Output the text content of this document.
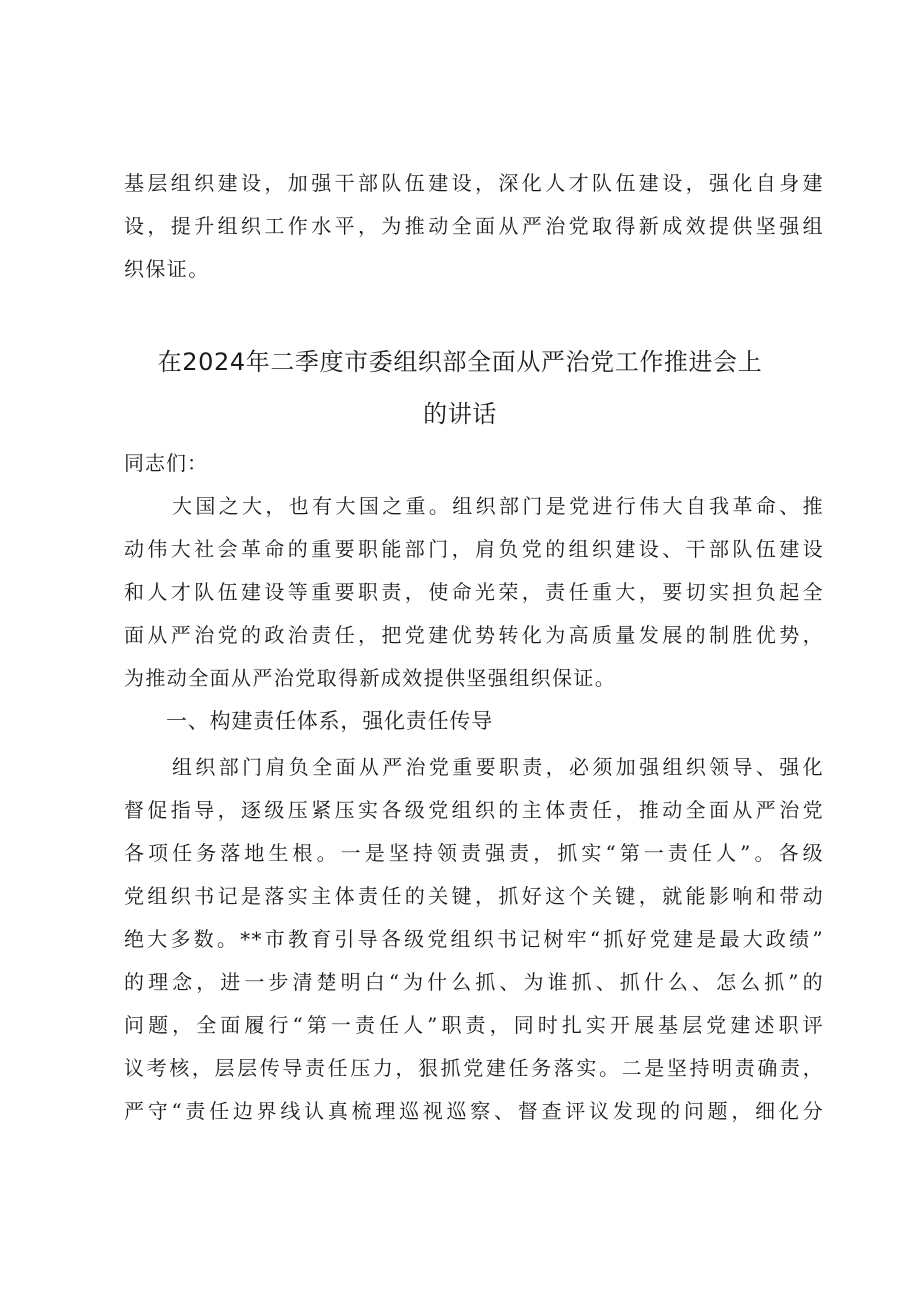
基层组织建设，加强干部队伍建设，深化人才队伍建设，强化自身建
设，提升组织工作水平，为推动全面从严治党取得新成效提供坚强组
织保证。
在2024年二季度市委组织部全面从严治党工作推进会上
的讲话
同志们：
大国之大，也有大国之重。组织部门是党进行伟大自我革命、推
动伟大社会革命的重要职能部门，肩负党的组织建设、干部队伍建设
和人才队伍建设等重要职责，使命光荣，责任重大，要切实担负起全
面从严治党的政治责任，把党建优势转化为高质量发展的制胜优势，
为推动全面从严治党取得新成效提供坚强组织保证。
一、构建责任体系，强化责任传导
组织部门肩负全面从严治党重要职责，必须加强组织领导、强化
督促指导，逐级压紧压实各级党组织的主体责任，推动全面从严治党
各项任务落地生根。一是坚持领责强责，抓实“第一责任人”。各级
党组织书记是落实主体责任的关键，抓好这个关键，就能影响和带动
绝大多数。**市教育引导各级党组织书记树牢“抓好党建是最大政绩”
的理念，进一步清楚明白“为什么抓、为谁抓、抓什么、怎么抓”的
问题，全面履行“第一责任人”职责，同时扎实开展基层党建述职评
议考核，层层传导责任压力，狠抓党建任务落实。二是坚持明责确责，
严守“责任边界线认真梳理巡视巡察、督查评议发现的问题，细化分
